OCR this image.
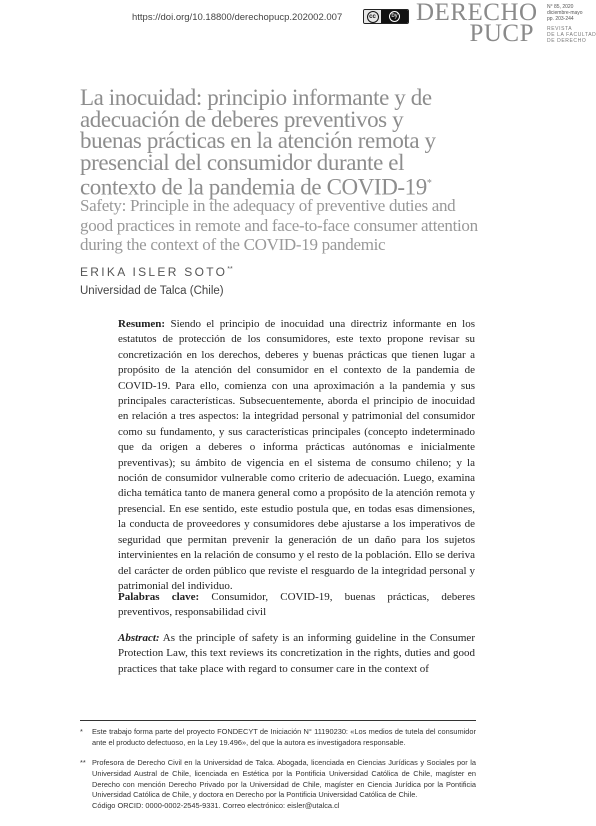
https://doi.org/10.18800/derechopucp.202002.007	cc	by DERECHO
PUCP
N° 85, 2020
diciembre-mayo
pp. 203-244
REVISTA
DE LA FACULTAD
DE DERECHO
La inocuidad: principio informante y de adecuación de deberes preventivos y buenas prácticas en la atención remota y presencial del consumidor durante el contexto de la pandemia de COVID-19*
Safety: Principle in the adequacy of preventive duties and good practices in remote and face-to-face consumer attention during the context of the COVID-19 pandemic
ERIKA ISLER SOTO**
Universidad de Talca (Chile)
Resumen: Siendo el principio de inocuidad una directriz informante en los estatutos de protección de los consumidores, este texto propone revisar su concretización en los derechos, deberes y buenas prácticas que tienen lugar a propósito de la atención del consumidor en el contexto de la pandemia de COVID-19. Para ello, comienza con una aproximación a la pandemia y sus principales características. Subsecuentemente, aborda el principio de inocuidad en relación a tres aspectos: la integridad personal y patrimonial del consumidor como su fundamento, y sus características principales (concepto indeterminado que da origen a deberes o informa prácticas autónomas e inicialmente preventivas); su ámbito de vigencia en el sistema de consumo chileno; y la noción de consumidor vulnerable como criterio de adecuación. Luego, examina dicha temática tanto de manera general como a propósito de la atención remota y presencial. En ese sentido, este estudio postula que, en todas esas dimensiones, la conducta de proveedores y consumidores debe ajustarse a los imperativos de seguridad que permitan prevenir la generación de un daño para los sujetos intervinientes en la relación de consumo y el resto de la población. Ello se deriva del carácter de orden público que reviste el resguardo de la integridad personal y patrimonial del individuo.
Palabras clave: Consumidor, COVID-19, buenas prácticas, deberes preventivos, responsabilidad civil
Abstract: As the principle of safety is an informing guideline in the Consumer Protection Law, this text reviews its concretization in the rights, duties and good practices that take place with regard to consumer care in the context of
* Este trabajo forma parte del proyecto FONDECYT de Iniciación N° 11190230: «Los medios de tutela del consumidor ante el producto defectuoso, en la Ley 19.496», del que la autora es investigadora responsable.
** Profesora de Derecho Civil en la Universidad de Talca. Abogada, licenciada en Ciencias Jurídicas y Sociales por la Universidad Austral de Chile, licenciada en Estética por la Pontificia Universidad Católica de Chile, magíster en Derecho con mención Derecho Privado por la Universidad de Chile, magíster en Ciencia Jurídica por la Pontificia Universidad Católica de Chile, y doctora en Derecho por la Pontificia Universidad Católica de Chile.
Código ORCID: 0000-0002-2545-9331. Correo electrónico: eisler@utalca.cl
